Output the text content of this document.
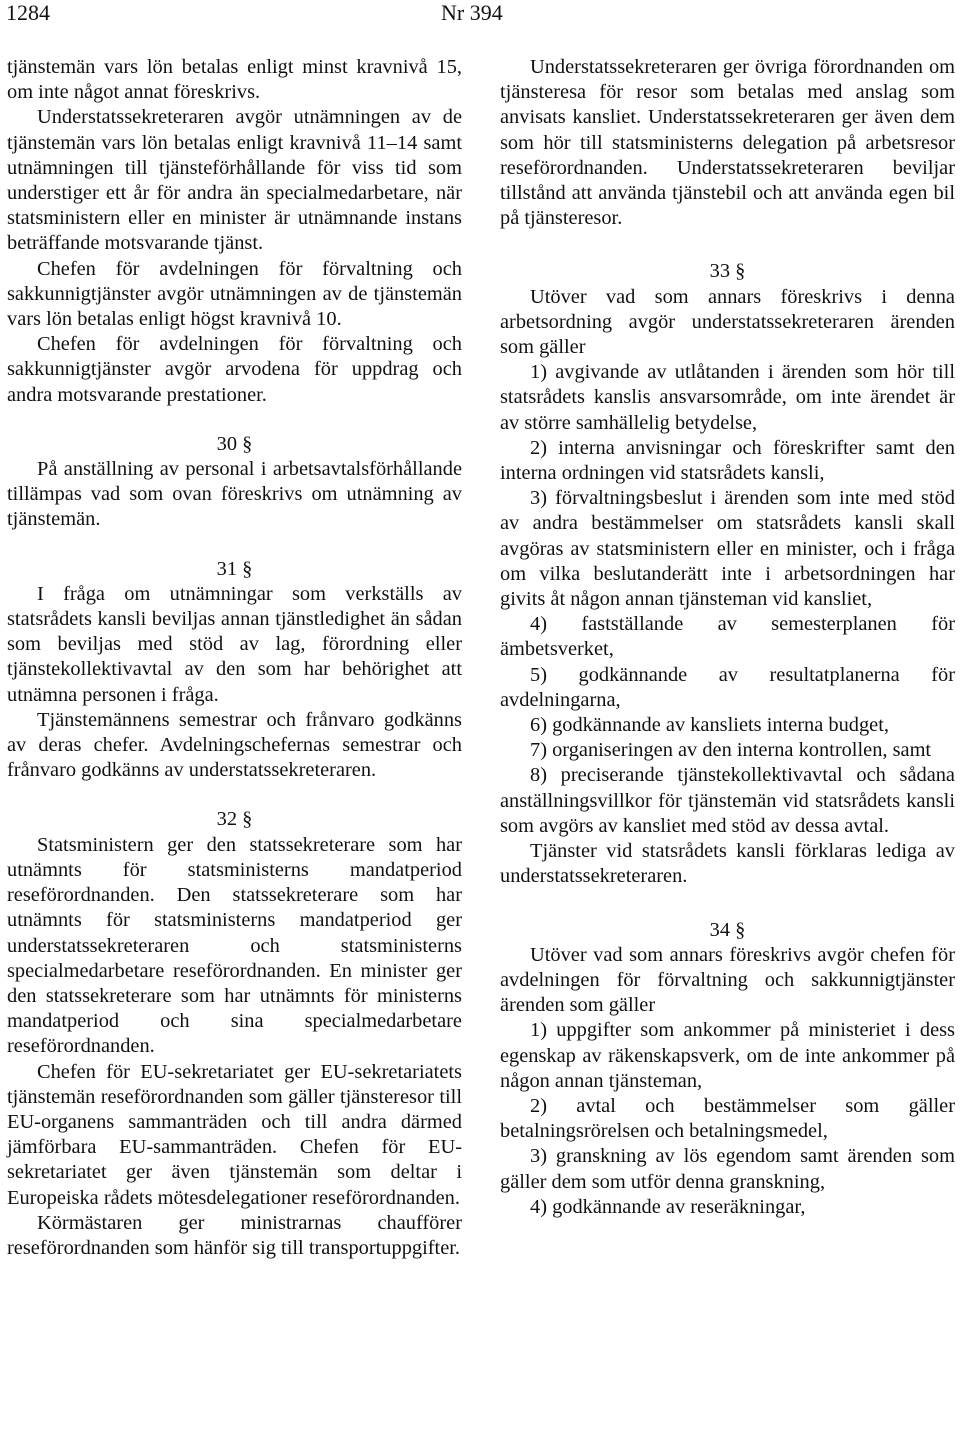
1284	Nr 394

tjänstemän vars lön betalas enligt minst kravnivå 15, om inte något annat föreskrivs.

Understatssekreteraren avgör utnämningen av de tjänstemän vars lön betalas enligt kravnivå 11–14 samt utnämningen till tjänsteförhållande för viss tid som understiger ett år för andra än specialmedarbetare, när statsministern eller en minister är utnämnande instans beträffande motsvarande tjänst.

Chefen för avdelningen för förvaltning och sakkunnigtjänster avgör utnämningen av de tjänstemän vars lön betalas enligt högst kravnivå 10.

Chefen för avdelningen för förvaltning och sakkunnigtjänster avgör arvodena för uppdrag och andra motsvarande prestationer.

30 §

På anställning av personal i arbetsavtalsförhållande tillämpas vad som ovan föreskrivs om utnämning av tjänstemän.

31 §

I fråga om utnämningar som verkställs av statsrådets kansli beviljas annan tjänstledighet än sådan som beviljas med stöd av lag, förordning eller tjänstekollektivavtal av den som har behörighet att utnämna personen i fråga.

Tjänstemännens semestrar och frånvaro godkänns av deras chefer. Avdelningschefernas semestrar och frånvaro godkänns av understatssekreteraren.

32 §

Statsministern ger den statssekreterare som har utnämnts för statsministerns mandatperiod reseförordnanden. Den statssekreterare som har utnämnts för statsministerns mandatperiod ger understatssekreteraren och statsministerns specialmedarbetare reseförordnanden. En minister ger den statssekreterare som har utnämnts för ministerns mandatperiod och sina specialmedarbetare reseförordnanden.

Chefen för EU-sekretariatet ger EU-sekretariatets tjänstemän reseförordnanden som gäller tjänsteresor till EU-organens sammanträden och till andra därmed jämförbara EU-sammanträden. Chefen för EU-sekretariatet ger även tjänstemän som deltar i Europeiska rådets mötesdelegationer reseförordnanden.

Körmästaren ger ministrarnas chaufförer reseförordnanden som hänför sig till transportuppgifter.

Understatssekreteraren ger övriga förordnanden om tjänsteresa för resor som betalas med anslag som anvisats kansliet. Understatssekreteraren ger även dem som hör till statsministerns delegation på arbetsresor reseförordnanden. Understatssekreteraren beviljar tillstånd att använda tjänstebil och att använda egen bil på tjänsteresor.

33 §

Utöver vad som annars föreskrivs i denna arbetsordning avgör understatssekreteraren ärenden som gäller

1) avgivande av utlåtanden i ärenden som hör till statsrådets kanslis ansvarsområde, om inte ärendet är av större samhällelig betydelse,

2) interna anvisningar och föreskrifter samt den interna ordningen vid statsrådets kansli,

3) förvaltningsbeslut i ärenden som inte med stöd av andra bestämmelser om statsrådets kansli skall avgöras av statsministern eller en minister, och i fråga om vilka beslutanderätt inte i arbetsordningen har givits åt någon annan tjänsteman vid kansliet,

4) fastställande av semesterplanen för ämbetsverket,

5) godkännande av resultatplanerna för avdelningarna,

6) godkännande av kansliets interna budget,

7) organiseringen av den interna kontrollen, samt

8) preciserande tjänstekollektivavtal och sådana anställningsvillkor för tjänstemän vid statsrådets kansli som avgörs av kansliet med stöd av dessa avtal.

Tjänster vid statsrådets kansli förklaras lediga av understatssekreteraren.

34 §

Utöver vad som annars föreskrivs avgör chefen för avdelningen för förvaltning och sakkunnigtjänster ärenden som gäller

1) uppgifter som ankommer på ministeriet i dess egenskap av räkenskapsverk, om de inte ankommer på någon annan tjänsteman,

2) avtal och bestämmelser som gäller betalningsrörelsen och betalningsmedel,

3) granskning av lös egendom samt ärenden som gäller dem som utför denna granskning,

4) godkännande av reseräkningar,
